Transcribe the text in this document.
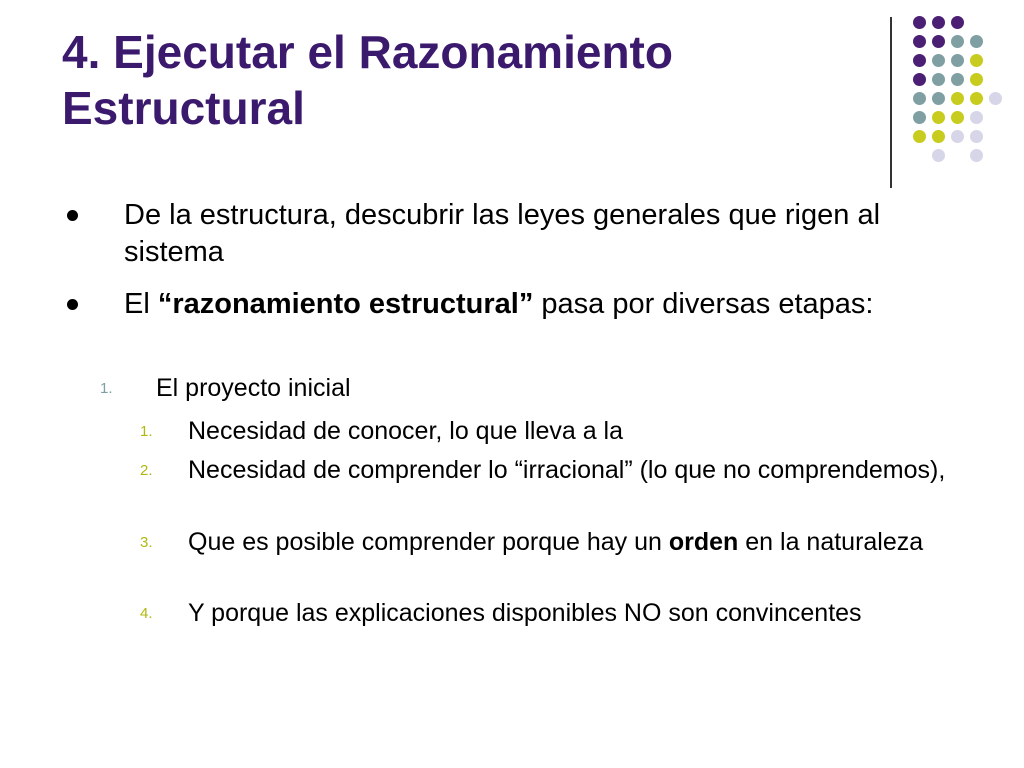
4. Ejecutar el Razonamiento
Estructural

De la estructura, descubrir las leyes generales que rigen al sistema

El “razonamiento estructural” pasa por diversas etapas:

1. El proyecto inicial

1. Necesidad de conocer, lo que lleva a la

2. Necesidad de comprender lo “irracional” (lo que no comprendemos),

3. Que es posible comprender porque hay un orden en la naturaleza

4. Y porque las explicaciones disponibles NO son convincentes
